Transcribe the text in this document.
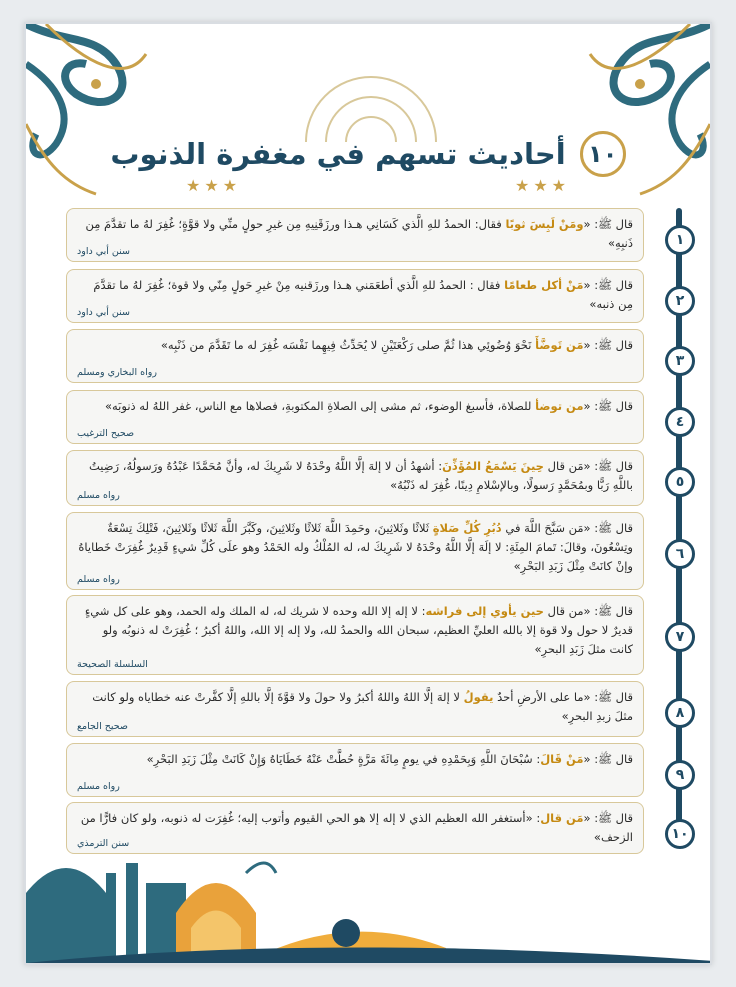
١٠
أحاديث تسهم في مغفرة الذنوب
★★★
★★★
١

قال ﷺ: «ومَنْ لَبِسَ ثوبًا فقال: الحمدُ للهِ الَّذي كَسَانِي هـذا ورزَقَنِيهِ مِن غيرِ حولٍ منِّي ولا قوَّةٍ؛ غُفِرَ لهُ ما تقدَّمَ مِن ذَنبِهِ»

سنن أبي داود
٢

قال ﷺ: «مَنْ أكل طعامًا فقال : الحمدُ للهِ الَّذي أطعَمَني هـذا ورزَقنيه مِنْ غيرِ حَولٍ مِنّي ولا قوة؛ غُفِرَ لهُ ما تقدَّمَ مِن ذنبه»

سنن أبي داود
٣

قال ﷺ: «مَن تَوضَّأَ نَحْوَ وُضُوئِي هذا ثُمَّ صلى رَكْعَتَيْنِ لا يُحَدِّثُ فِيهِما نَفْسَه غُفِرَ له ما تَقَدَّمَ من ذَنْبِه»

رواه البخاري ومسلم
٤

قال ﷺ: «من توضأ للصلاة، فأسبغ الوضوء، ثم مشى إلى الصلاةِ المكتوبةِ، فصلاها مع الناس، غفر اللهُ له ذنوبَه»

صحيح الترغيب
٥

قال ﷺ: «مَن قال حِينَ يَسْمَعُ المُؤَذِّنَ: أشهدُ أن لا إلهَ إلَّا اللَّهُ وحْدَهُ لا شَرِيكَ له، وأنَّ مُحَمَّدًا عَبْدُهُ ورَسولُهُ، رَضِيتُ باللَّهِ رَبًّا وبمُحَمَّدٍ رَسولًا، وبالإسْلامِ دِينًا، غُفِرَ له ذَنْبُهُ»

رواه مسلم
٦

قال ﷺ: «مَن سَبَّحَ اللَّهَ في دُبُرِ كُلِّ صَلاةٍ ثَلاثًا وثَلاثِينَ، وحَمِدَ اللَّهَ ثَلاثًا وثَلاثِينَ، وكَبَّرَ اللَّهَ ثَلاثًا وثَلاثِينَ، فَتْلِكَ تِسْعَةٌ وتِسْعُونَ، وقالَ: تَمامَ المِئَةِ: لا إلَهَ إلَّا اللَّهُ وحْدَهُ لا شَرِيكَ له، له المُلْكُ وله الحَمْدُ وهو علَى كُلِّ شيءٍ قَدِيرٌ غُفِرَتْ خَطاياهُ وإنْ كانَتْ مِثْلَ زَبَدِ البَحْرِ»

رواه مسلم
٧

قال ﷺ: «من قال حين يأوي إلى فراشه: لا إله إلا الله وحده لا شريك له، له الملك وله الحمد، وهو على كل شيءٍ قديرٌ لا حول ولا قوة إلا بالله العليِّ العظيم، سبحان الله والحمدُ لله، ولا إله إلا الله، واللهُ أكبرُ ؛ غُفِرَتْ له ذنوبُه ولو كانت مثلَ زَبَدِ البحرِ»

السلسلة الصحيحة
٨

قال ﷺ: «ما على الأرضِ أحدٌ يقولُ لا إلهَ إلَّا اللهُ واللهُ أكبرُ ولا حولَ ولا قوَّةَ إلَّا باللهِ إلَّا كفَّرتْ عنه خطاياه ولو كانت مثلَ زبدِ البحرِ»

صحيح الجامع
٩

قال ﷺ: «مَنْ قَالَ: سُبْحَانَ اللَّهِ وَبِحَمْدِهِ في يومٍ مِائَةَ مَرَّةٍ حُطَّتْ عَنْهُ خَطَايَاهُ وَإِنْ كَانَتْ مِثْلَ زَبَدِ البَحْرِ»

رواه مسلم
١٠

قال ﷺ: «مَن قال: «أستغفر الله العظيم الذي لا إله إلا هو الحي القيوم وأتوب إليه؛ غُفِرَت له ذنوبه، ولو كان فارًّا من الزحف»

سنن الترمذي
